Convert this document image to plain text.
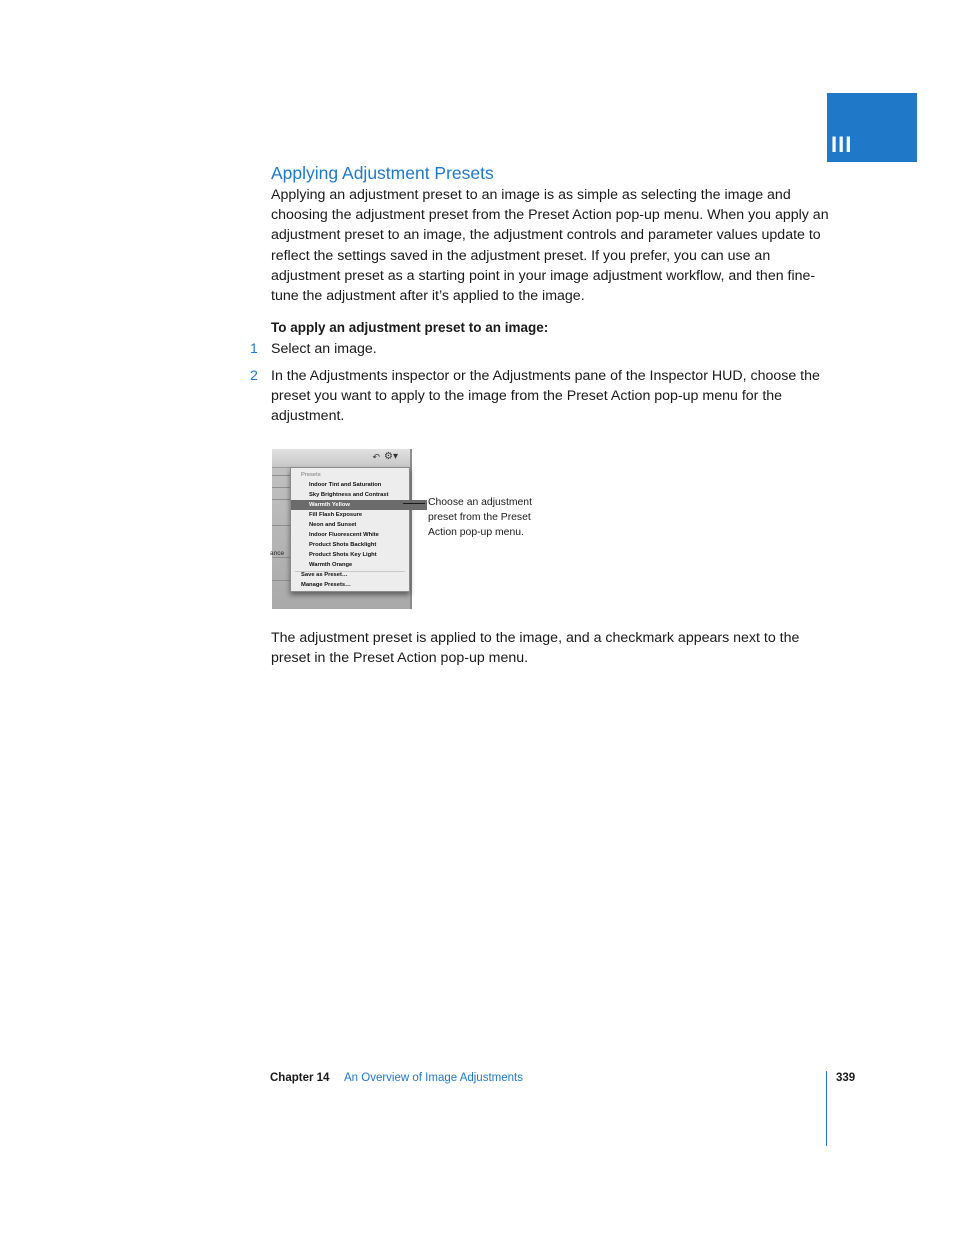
III
Applying Adjustment Presets
Applying an adjustment preset to an image is as simple as selecting the image and choosing the adjustment preset from the Preset Action pop-up menu. When you apply an adjustment preset to an image, the adjustment controls and parameter values update to reflect the settings saved in the adjustment preset. If you prefer, you can use an adjustment preset as a starting point in your image adjustment workflow, and then fine-tune the adjustment after it’s applied to the image.
To apply an adjustment preset to an image:
1 Select an image.
2 In the Adjustments inspector or the Adjustments pane of the Inspector HUD, choose the preset you want to apply to the image from the Preset Action pop-up menu for the adjustment.
↶ ⚙▾
ance
Presets
Indoor Tint and Saturation
Sky Brightness and Contrast
Warmth Yellow
Fill Flash Exposure
Neon and Sunset
Indoor Fluorescent White
Product Shots Backlight
Product Shots Key Light
Warmth Orange
Save as Preset…
Manage Presets…
Choose an adjustment preset from the Preset Action pop-up menu.
The adjustment preset is applied to the image, and a checkmark appears next to the preset in the Preset Action pop-up menu.
Chapter 14 An Overview of Image Adjustments	339
